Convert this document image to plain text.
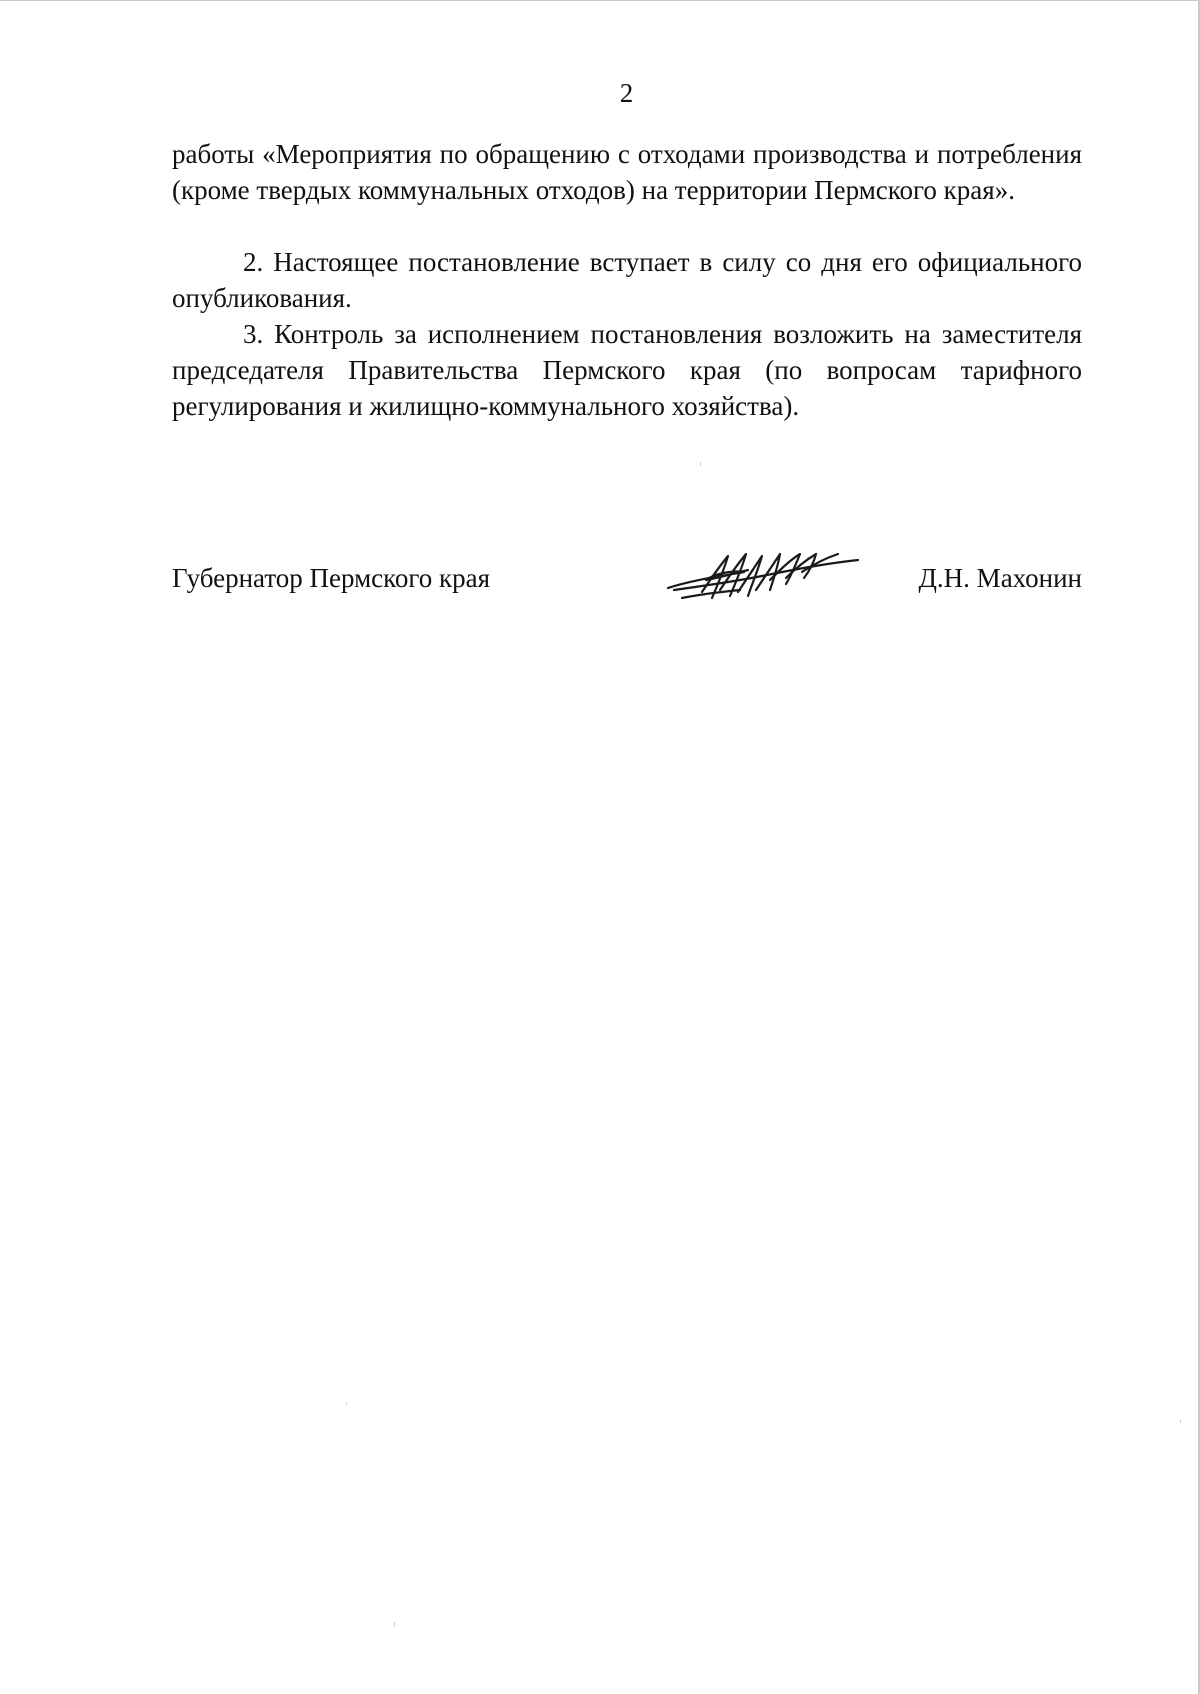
2

работы «Мероприятия по обращению с отходами производства и потребления (кроме твердых коммунальных отходов) на территории Пермского края».

2. Настоящее постановление вступает в силу со дня его официального опубликования.

3. Контроль за исполнением постановления возложить на заместителя председателя Правительства Пермского края (по вопросам тарифного регулирования и жилищно-коммунального хозяйства).

Губернатор Пермского края	Д.Н. Махонин
